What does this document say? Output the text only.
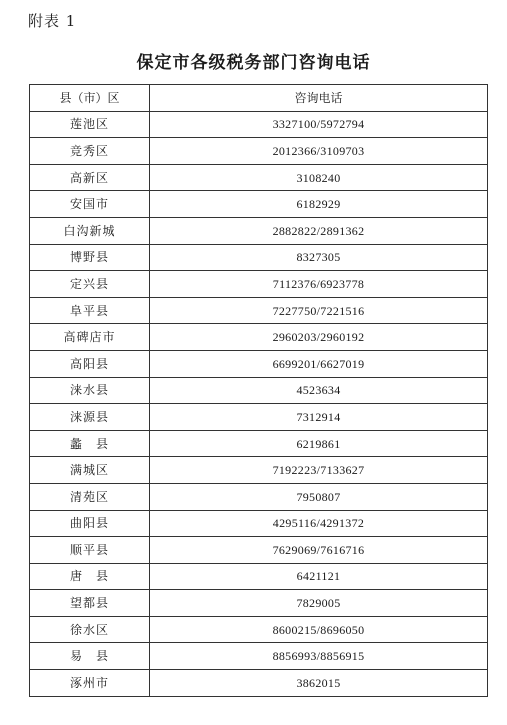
附表 1
保定市各级税务部门咨询电话
县（市）区	咨询电话
莲池区	3327100/5972794
竞秀区	2012366/3109703
高新区	3108240
安国市	6182929
白沟新城	2882822/2891362
博野县	8327305
定兴县	7112376/6923778
阜平县	7227750/7221516
高碑店市	2960203/2960192
高阳县	6699201/6627019
涞水县	4523634
涞源县	7312914
蠡　县	6219861
满城区	7192223/7133627
清苑区	7950807
曲阳县	4295116/4291372
顺平县	7629069/7616716
唐　县	6421121
望都县	7829005
徐水区	8600215/8696050
易　县	8856993/8856915
涿州市	3862015
